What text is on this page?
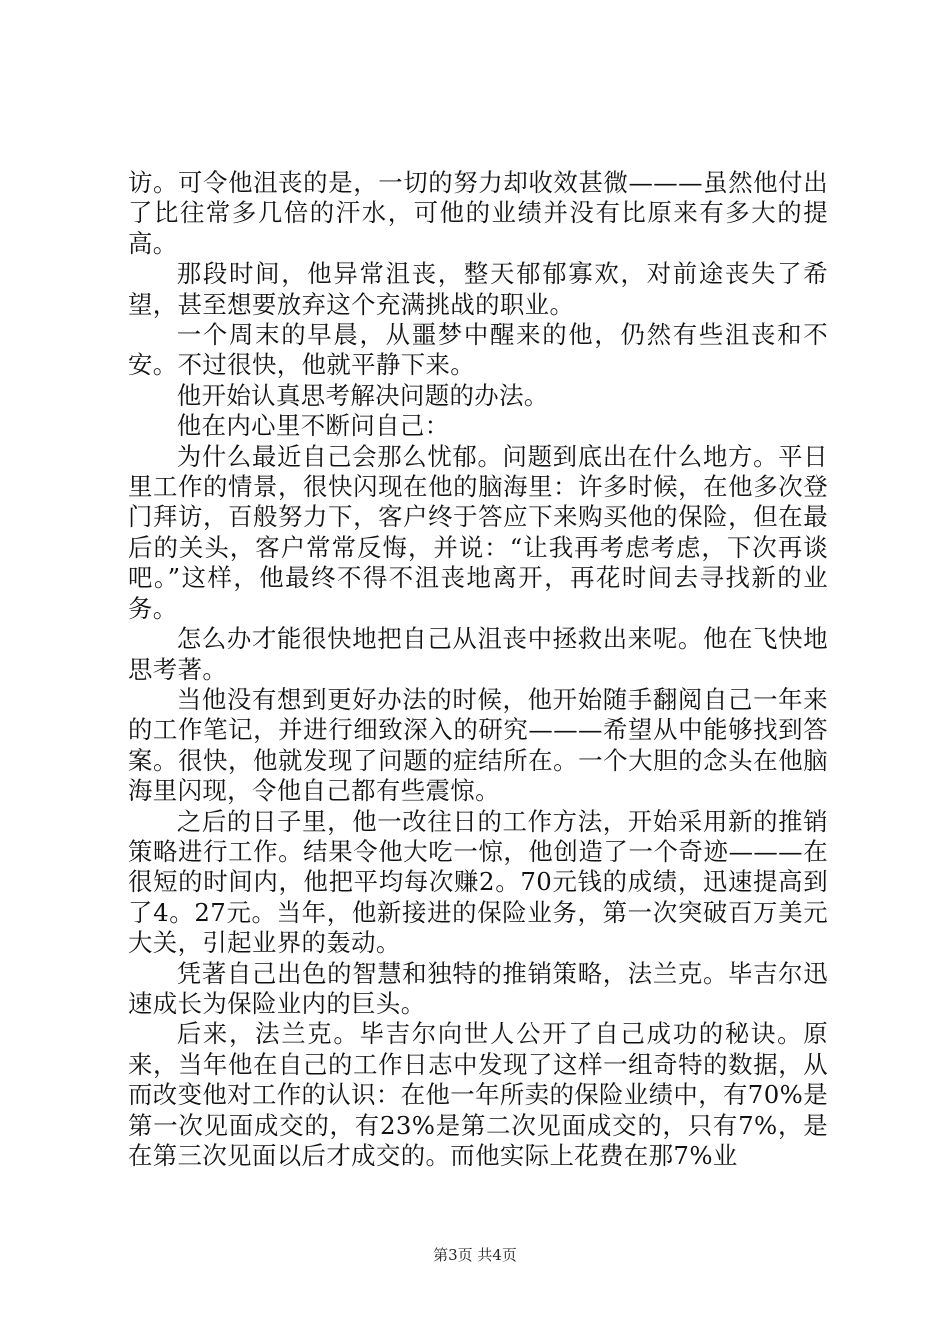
访。可令他沮丧的是，一切的努力却收效甚微———虽然他付出了比往常多几倍的汗水，可他的业绩并没有比原来有多大的提高。

那段时间，他异常沮丧，整天郁郁寡欢，对前途丧失了希望，甚至想要放弃这个充满挑战的职业。

一个周末的早晨，从噩梦中醒来的他，仍然有些沮丧和不安。不过很快，他就平静下来。

他开始认真思考解决问题的办法。

他在内心里不断问自己：

为什么最近自己会那么忧郁。问题到底出在什么地方。平日里工作的情景，很快闪现在他的脑海里：许多时候，在他多次登门拜访，百般努力下，客户终于答应下来购买他的保险，但在最后的关头，客户常常反悔，并说：“让我再考虑考虑，下次再谈吧。”这样，他最终不得不沮丧地离开，再花时间去寻找新的业务。

怎么办才能很快地把自己从沮丧中拯救出来呢。他在飞快地思考著。

当他没有想到更好办法的时候，他开始随手翻阅自己一年来的工作笔记，并进行细致深入的研究———希望从中能够找到答案。很快，他就发现了问题的症结所在。一个大胆的念头在他脑海里闪现，令他自己都有些震惊。

之后的日子里，他一改往日的工作方法，开始采用新的推销策略进行工作。结果令他大吃一惊，他创造了一个奇迹———在很短的时间内，他把平均每次赚2。70元钱的成绩，迅速提高到了4。27元。当年，他新接进的保险业务，第一次突破百万美元大关，引起业界的轰动。

凭著自己出色的智慧和独特的推销策略，法兰克。毕吉尔迅速成长为保险业内的巨头。

后来，法兰克。毕吉尔向世人公开了自己成功的秘诀。原来，当年他在自己的工作日志中发现了这样一组奇特的数据，从而改变他对工作的认识：在他一年所卖的保险业绩中，有70%是第一次见面成交的，有23%是第二次见面成交的，只有7%，是在第三次见面以后才成交的。而他实际上花费在那7%业

第3页 共4页
